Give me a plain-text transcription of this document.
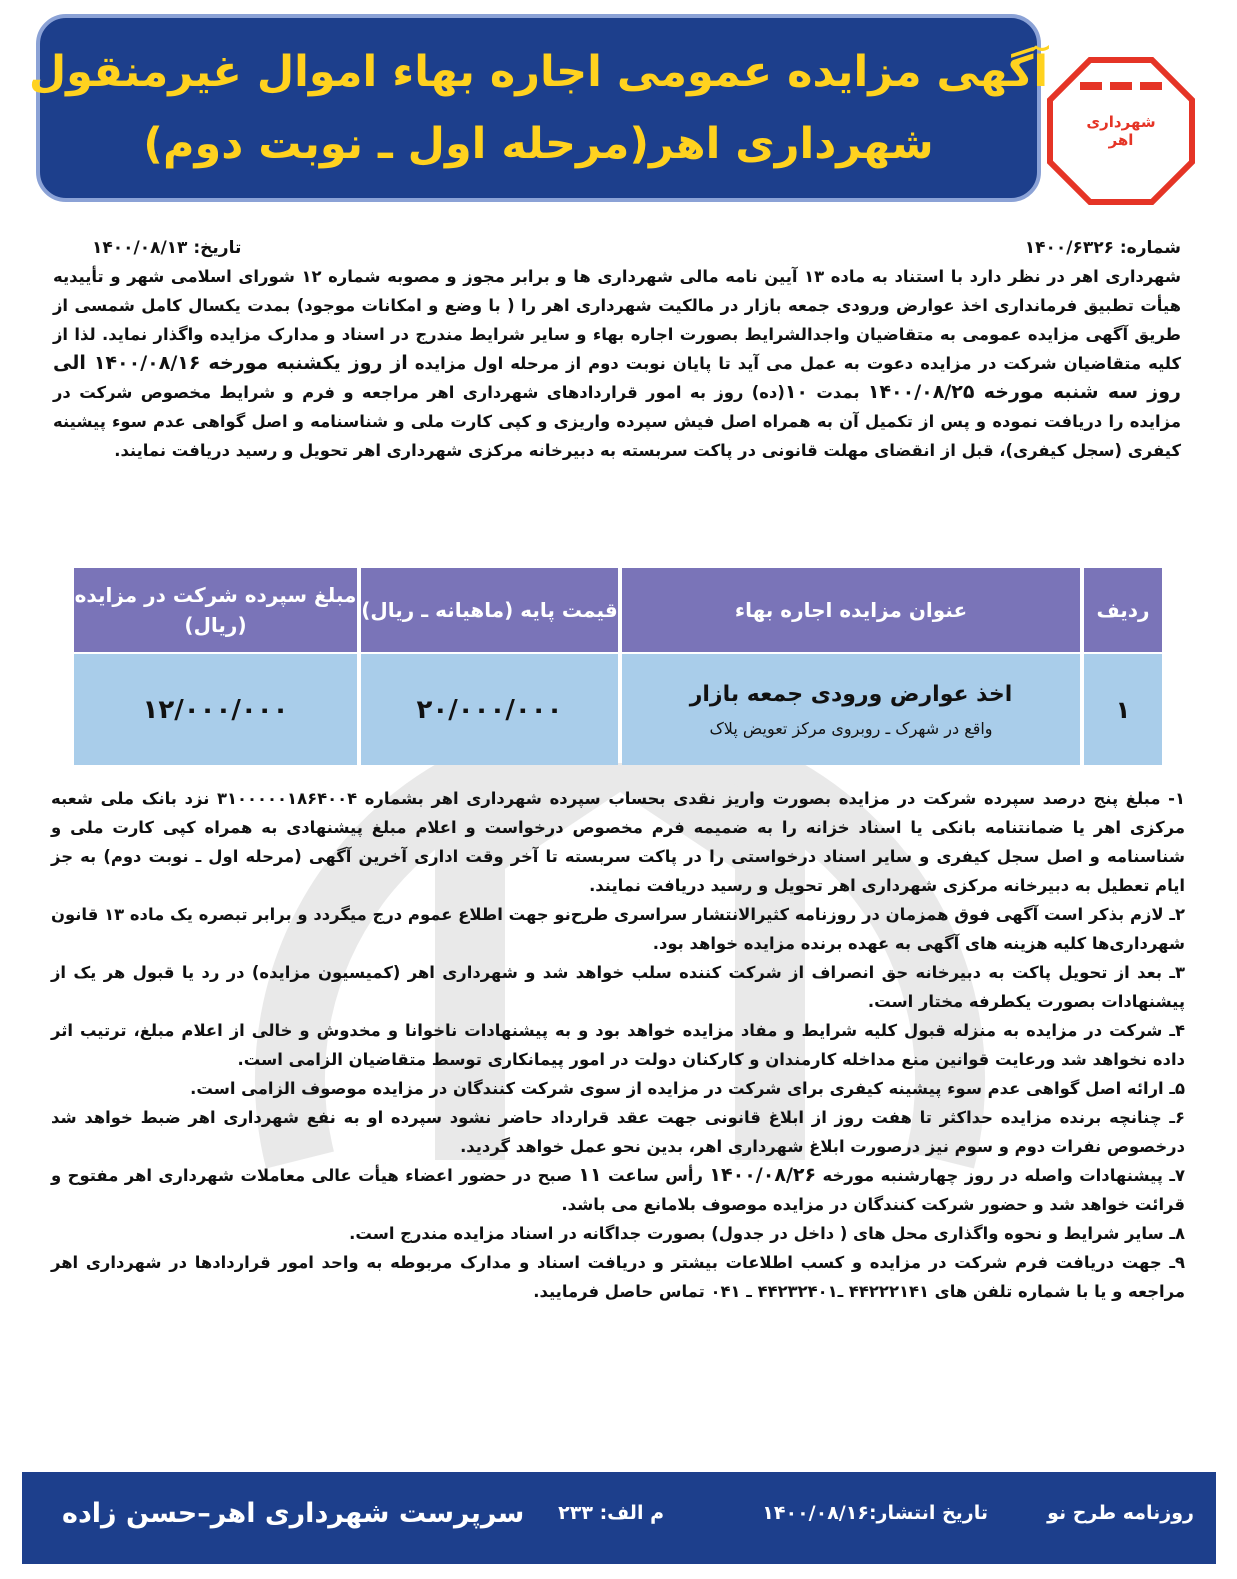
آگهی مزایده عمومی اجاره بهاء اموال غیرمنقول
شهرداری اهر(مرحله اول ـ نوبت دوم)	شهرداری
اهر
شماره: ۱۴۰۰/۶۳۲۶
تاریخ: ۱۴۰۰/۰۸/۱۳
شهرداری اهر در نظر دارد با استناد به ماده ۱۳ آیین نامه مالی شهرداری ها و برابر مجوز و مصوبه شماره ۱۲ شورای اسلامی شهر و تأییدیه هیأت تطبیق فرمانداری اخذ عوارض ورودی جمعه بازار در مالکیت شهرداری اهر را ( با وضع و امکانات موجود) بمدت یکسال کامل شمسی از طریق آگهی مزایده عمومی به متقاضیان واجدالشرایط بصورت اجاره بهاء و سایر شرایط مندرج در اسناد و مدارک مزایده واگذار نماید. لذا از کلیه متقاضیان شرکت در مزایده دعوت به عمل می آید تا پایان نوبت دوم از مرحله اول مزایده از روز یکشنبه مورخه ۱۴۰۰/۰۸/۱۶ الی روز سه شنبه مورخه ۱۴۰۰/۰۸/۲۵ بمدت ۱۰(ده) روز به امور قراردادهای شهرداری اهر مراجعه و فرم و شرایط مخصوص شرکت در مزایده را دریافت نموده و پس از تکمیل آن به همراه اصل فیش سپرده واریزی و کپی کارت ملی و شناسنامه و اصل گواهی عدم سوء پیشینه کیفری (سجل کیفری)، قبل از انقضای مهلت قانونی در پاکت سربسته به دبیرخانه مرکزی شهرداری اهر تحویل و رسید دریافت نمایند.
ردیف
عنوان مزایده اجاره بهاء
قیمت پایه (ماهیانه ـ ریال)
مبلغ سپرده شرکت در مزایده
(ریال)
۱
اخذ عوارض ورودی جمعه بازار
واقع در شهرک ـ روبروی مرکز تعویض پلاک
۲۰/۰۰۰/۰۰۰
۱۲/۰۰۰/۰۰۰
۱- مبلغ پنج درصد سپرده شرکت در مزایده بصورت واریز نقدی بحساب سپرده شهرداری اهر بشماره ۳۱۰۰۰۰۰۱۸۶۴۰۰۴ نزد بانک ملی شعبه مرکزی اهر یا ضمانتنامه بانکی یا اسناد خزانه را به ضمیمه فرم مخصوص درخواست و اعلام مبلغ پیشنهادی به همراه کپی کارت ملی و شناسنامه و اصل سجل کیفری و سایر اسناد درخواستی را در پاکت سربسته تا آخر وقت اداری آخرین آگهی (مرحله اول ـ نوبت دوم) به جز ایام تعطیل به دبیرخانه مرکزی شهرداری اهر تحویل و رسید دریافت نمایند.
۲ـ لازم بذکر است آگهی فوق همزمان در روزنامه کثیرالانتشار سراسری طرح‌نو جهت اطلاع عموم درج میگردد و برابر تبصره یک ماده ۱۳ قانون شهرداری‌ها کلیه هزینه های آگهی به عهده برنده مزایده خواهد بود.
۳ـ بعد از تحویل پاکت به دبیرخانه حق انصراف از شرکت کننده سلب خواهد شد و شهرداری اهر (کمیسیون مزایده) در رد یا قبول هر یک از پیشنهادات بصورت یکطرفه مختار است.
۴ـ شرکت در مزایده به منزله قبول کلیه شرایط و مفاد مزایده خواهد بود و به پیشنهادات ناخوانا و مخدوش و خالی از اعلام مبلغ، ترتیب اثر داده نخواهد شد ورعایت قوانین منع مداخله کارمندان و کارکنان دولت در امور پیمانکاری توسط متقاضیان الزامی است.
۵ـ ارائه اصل گواهی عدم سوء پیشینه کیفری برای شرکت در مزایده از سوی شرکت کنندگان در مزایده موصوف الزامی است.
۶ـ چنانچه برنده مزایده حداکثر تا هفت روز از ابلاغ قانونی جهت عقد قرارداد حاضر نشود سپرده او به نفع شهرداری اهر ضبط خواهد شد درخصوص نفرات دوم و سوم نیز درصورت ابلاغ شهرداری اهر، بدین نحو عمل خواهد گردید.
۷ـ پیشنهادات واصله در روز چهارشنبه مورخه ۱۴۰۰/۰۸/۲۶ رأس ساعت ۱۱ صبح در حضور اعضاء هیأت عالی معاملات شهرداری اهر مفتوح و قرائت خواهد شد و حضور شرکت کنندگان در مزایده موصوف بلامانع می باشد.
۸ـ سایر شرایط و نحوه واگذاری محل های ( داخل در جدول) بصورت جداگانه در اسناد مزایده مندرج است.
۹ـ جهت دریافت فرم شرکت در مزایده و کسب اطلاعات بیشتر و دریافت اسناد و مدارک مربوطه به واحد امور قراردادها در شهرداری اهر مراجعه و یا با شماره تلفن های ۴۴۲۲۲۱۴۱ ـ۴۴۲۳۲۴۰۱ ـ ۰۴۱ تماس حاصل فرمایید.
روزنامه طرح نو
تاریخ انتشار:۱۴۰۰/۰۸/۱۶
م الف: ۲۳۳
سرپرست شهرداری اهر–حسن زاده
